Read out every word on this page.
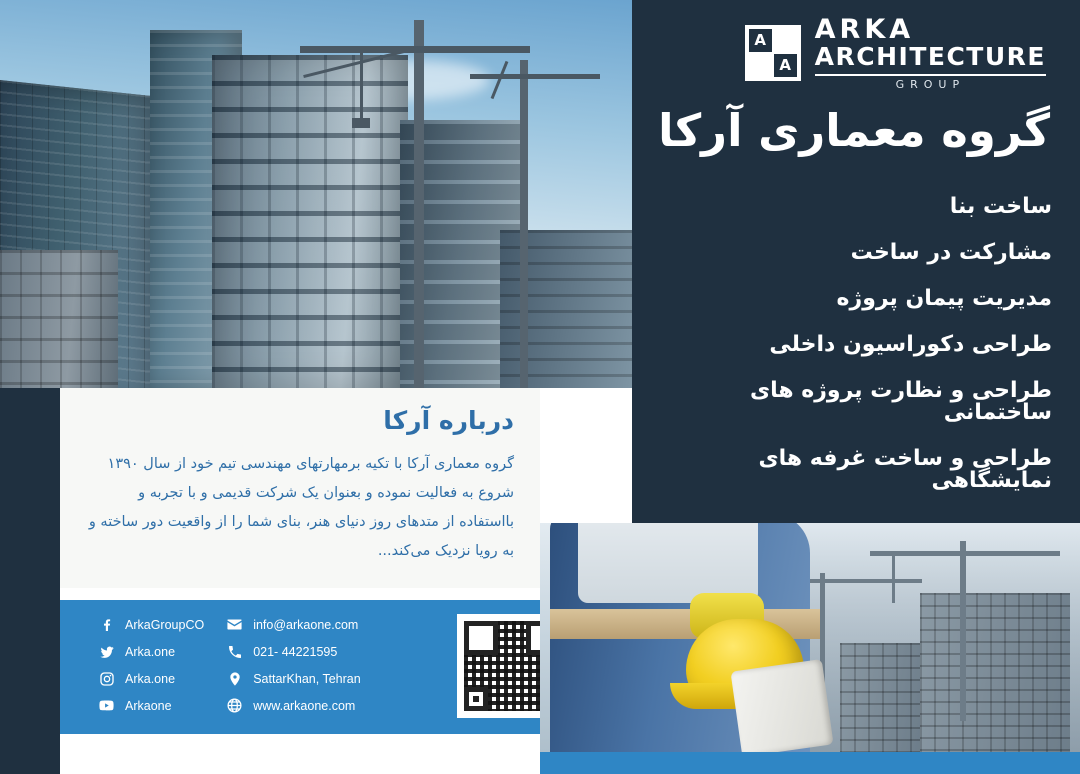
A
A
ARKA
ARCHITECTURE
GROUP
گروه معماری آرکا
ساخت بنا
مشارکت در ساخت
مدیریت پیمان پروژه
طراحی دکوراسیون داخلی
طراحی و نظارت پروژه های ساختمانی
طراحی و ساخت غرفه های نمایشگاهی
درباره آرکا
گروه معماری آرکا با تکیه برمهارتهای مهندسی تیم خود از سال ۱۳۹۰ شروع به فعالیت نموده و بعنوان یک شرکت قدیمی و با تجربه و بااستفاده از متدهای روز دنیای هنر، بنای شما را از واقعیت دور ساخته و به رویا نزدیک می‌کند...
ArkaGroupCO
Arka.one
Arka.one
Arkaone
info@arkaone.com
021- 44221595
SattarKhan, Tehran
www.arkaone.com
